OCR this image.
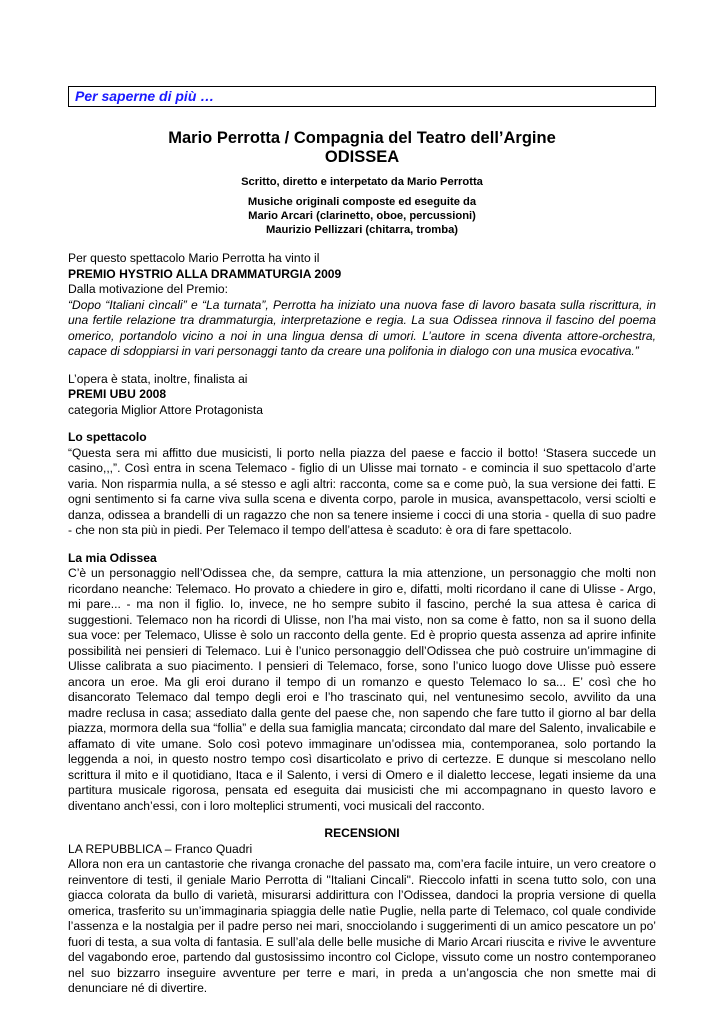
Per saperne di più …
Mario Perrotta / Compagnia del Teatro dell’Argine
ODISSEA

Scritto, diretto e interpetato da Mario Perrotta

Musiche originali composte ed eseguite da
Mario Arcari (clarinetto, oboe, percussioni)
Maurizio Pellizzari (chitarra, tromba)

Per questo spettacolo Mario Perrotta ha vinto il

PREMIO HYSTRIO ALLA DRAMMATURGIA 2009

Dalla motivazione del Premio:

“Dopo “Italiani cìncali” e “La turnata”, Perrotta ha iniziato una nuova fase di lavoro basata sulla riscrittura, in una fertile relazione tra drammaturgia, interpretazione e regia. La sua Odissea rinnova il fascino del poema omerico, portandolo vicino a noi in una lingua densa di umori. L’autore in scena diventa attore-orchestra, capace di sdoppiarsi in vari personaggi tanto da creare una polifonia in dialogo con una musica evocativa.”

L’opera è stata, inoltre, finalista ai

PREMI UBU 2008

categoria Miglior Attore Protagonista

Lo spettacolo

“Questa sera mi affitto due musicisti, li porto nella piazza del paese e faccio il botto! ‘Stasera succede un casino,,,”. Così entra in scena Telemaco - figlio di un Ulisse mai tornato - e comincia il suo spettacolo d’arte varia. Non risparmia nulla, a sé stesso e agli altri: racconta, come sa e come può, la sua versione dei fatti. E ogni sentimento si fa carne viva sulla scena e diventa corpo, parole in musica, avanspettacolo, versi sciolti e danza, odissea a brandelli di un ragazzo che non sa tenere insieme i cocci di una storia - quella di suo padre - che non sta più in piedi. Per Telemaco il tempo dell’attesa è scaduto: è ora di fare spettacolo.

La mia Odissea

C’è un personaggio nell’Odissea che, da sempre, cattura la mia attenzione, un personaggio che molti non ricordano neanche: Telemaco. Ho provato a chiedere in giro e, difatti, molti ricordano il cane di Ulisse - Argo, mi pare... - ma non il figlio. Io, invece, ne ho sempre subito il fascino, perché la sua attesa è carica di suggestioni. Telemaco non ha ricordi di Ulisse, non l’ha mai visto, non sa come è fatto, non sa il suono della sua voce: per Telemaco, Ulisse è solo un racconto della gente. Ed è proprio questa assenza ad aprire infinite possibilità nei pensieri di Telemaco. Lui è l’unico personaggio dell’Odissea che può costruire un’immagine di Ulisse calibrata a suo piacimento. I pensieri di Telemaco, forse, sono l’unico luogo dove Ulisse può essere ancora un eroe. Ma gli eroi durano il tempo di un romanzo e questo Telemaco lo sa... E’ così che ho disancorato Telemaco dal tempo degli eroi e l’ho trascinato qui, nel ventunesimo secolo, avvilito da una madre reclusa in casa; assediato dalla gente del paese che, non sapendo che fare tutto il giorno al bar della piazza, mormora della sua “follia” e della sua famiglia mancata; circondato dal mare del Salento, invalicabile e affamato di vite umane. Solo così potevo immaginare un’odissea mia, contemporanea, solo portando la leggenda a noi, in questo nostro tempo così disarticolato e privo di certezze. E dunque si mescolano nello scrittura il mito e il quotidiano, Itaca e il Salento, i versi di Omero e il dialetto leccese, legati insieme da una partitura musicale rigorosa, pensata ed eseguita dai musicisti che mi accompagnano in questo lavoro e diventano anch’essi, con i loro molteplici strumenti, voci musicali del racconto.

RECENSIONI

LA REPUBBLICA – Franco Quadri

Allora non era un cantastorie che rivanga cronache del passato ma, com’era facile intuire, un vero creatore o reinventore di testi, il geniale Mario Perrotta di "Italiani Cincali". Rieccolo infatti in scena tutto solo, con una giacca colorata da bullo di varietà, misurarsi addirittura con l’Odissea, dandoci la propria versione di quella omerica, trasferito su un’immaginaria spiaggia delle natìe Puglie, nella parte di Telemaco, col quale condivide l’assenza e la nostalgia per il padre perso nei mari, snocciolando i suggerimenti di un amico pescatore un po’ fuori di testa, a sua volta di fantasia. E sull’ala delle belle musiche di Mario Arcari riuscita e rivive le avventure del vagabondo eroe, partendo dal gustosissimo incontro col Ciclope, vissuto come un nostro contemporaneo nel suo bizzarro inseguire avventure per terre e mari, in preda a un’angoscia che non smette mai di denunciare né di divertire.
